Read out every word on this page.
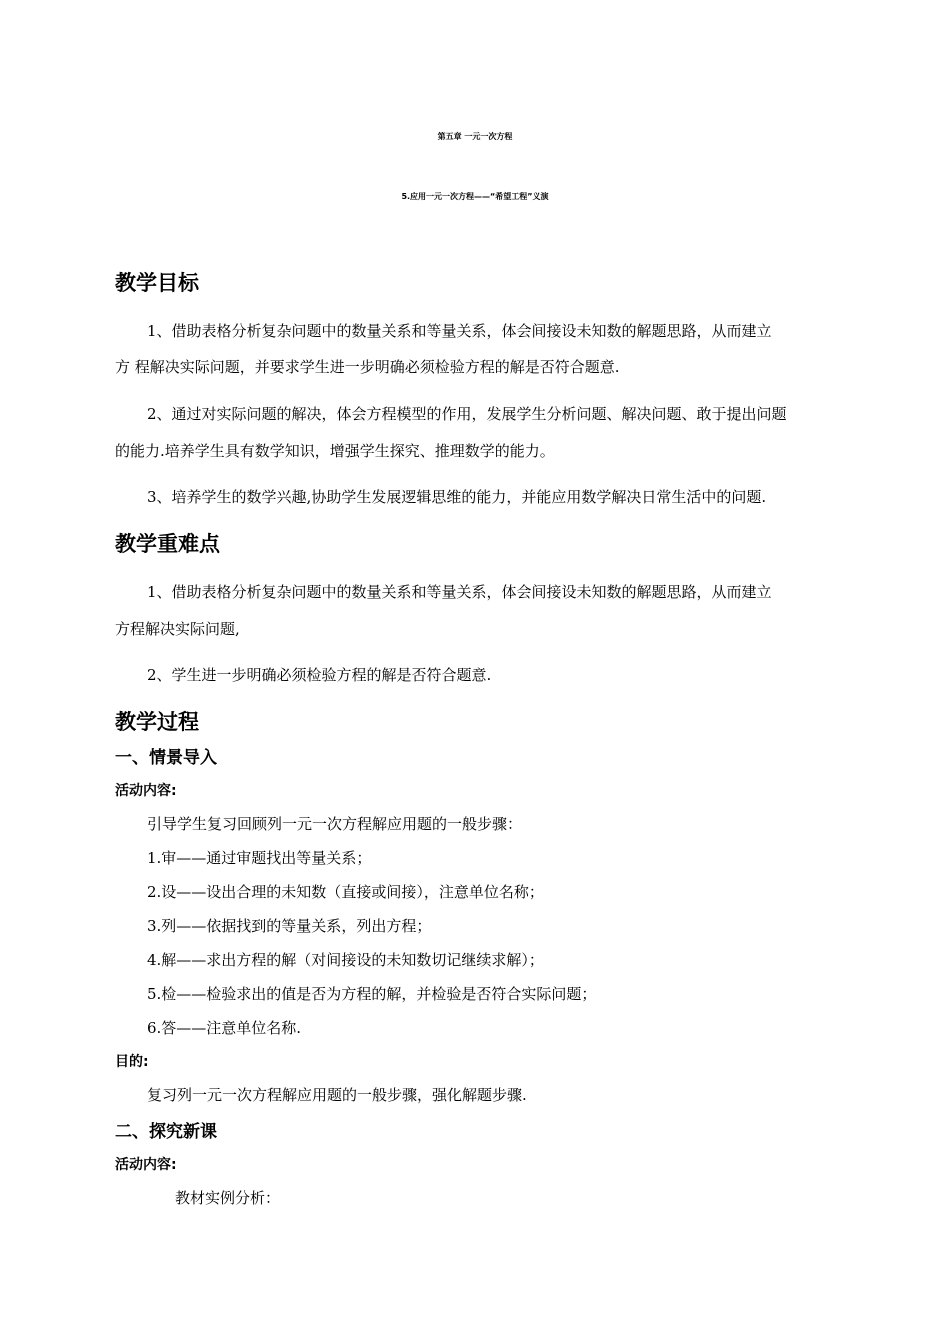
第五章 一元一次方程
5.应用一元一次方程——“希望工程”义演
教学目标
1、借助表格分析复杂问题中的数量关系和等量关系，体会间接设未知数的解题思路，从而建立
方 程解决实际问题，并要求学生进一步明确必须检验方程的解是否符合题意.
2、通过对实际问题的解决，体会方程模型的作用，发展学生分析问题、解决问题、敢于提出问题
的能力.培养学生具有数学知识，增强学生探究、推理数学的能力。
3、培养学生的数学兴趣,协助学生发展逻辑思维的能力，并能应用数学解决日常生活中的问题.
教学重难点
1、借助表格分析复杂问题中的数量关系和等量关系，体会间接设未知数的解题思路，从而建立
方程解决实际问题,
2、学生进一步明确必须检验方程的解是否符合题意.
教学过程
一、情景导入
活动内容:
引导学生复习回顾列一元一次方程解应用题的一般步骤：
1.审——通过审题找出等量关系；
2.设——设出合理的未知数（直接或间接），注意单位名称；
3.列——依据找到的等量关系，列出方程；
4.解——求出方程的解（对间接设的未知数切记继续求解）；
5.检——检验求出的值是否为方程的解，并检验是否符合实际问题；
6.答——注意单位名称.
目的:
复习列一元一次方程解应用题的一般步骤，强化解题步骤.
二、探究新课
活动内容:
教材实例分析：
